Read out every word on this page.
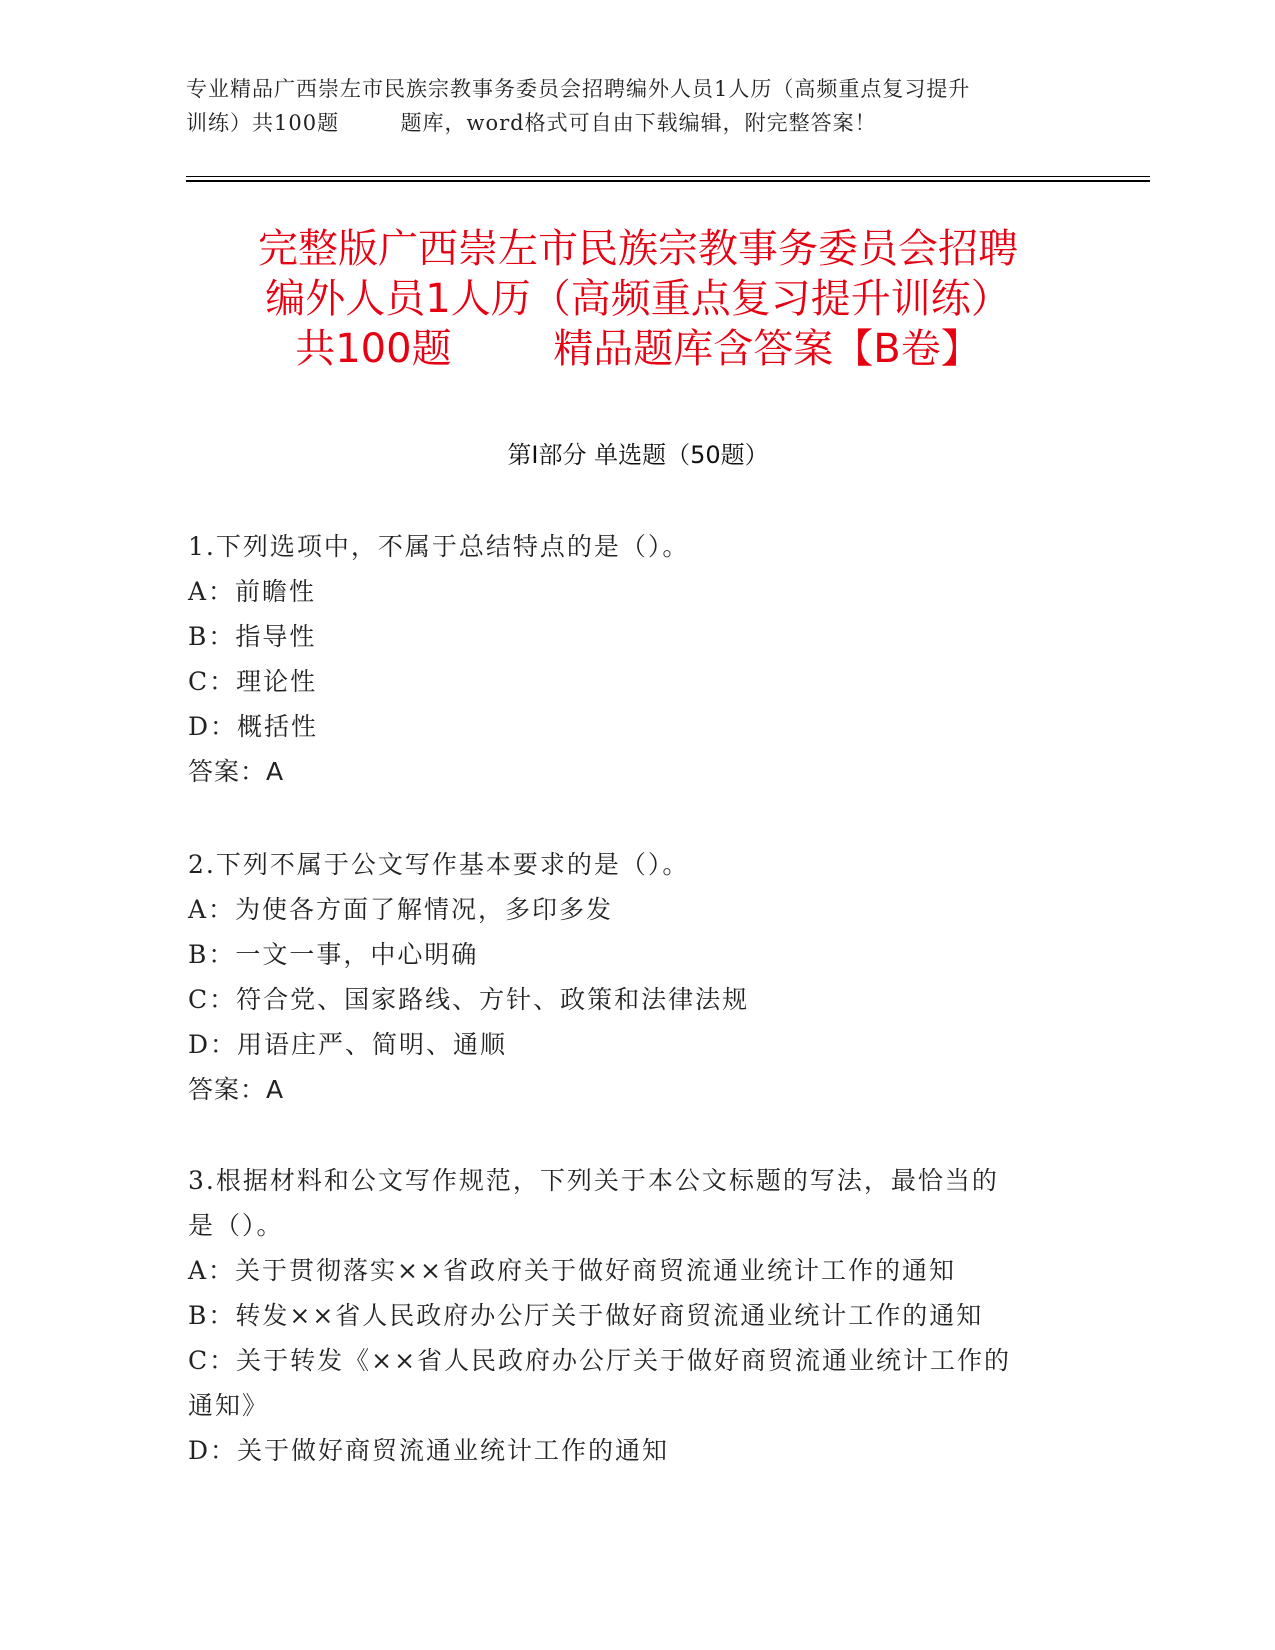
专业精品广西崇左市民族宗教事务委员会招聘编外人员1人历（高频重点复习提升
训练）共100题        题库，word格式可自由下载编辑，附完整答案！
完整版广西崇左市民族宗教事务委员会招聘
编外人员1人历（高频重点复习提升训练）
共100题        精品题库含答案【B卷】
第Ⅰ部分 单选题（50题）
1.下列选项中，不属于总结特点的是（）。
A：前瞻性
B：指导性
C：理论性
D：概括性
答案：A
2.下列不属于公文写作基本要求的是（）。
A：为使各方面了解情况，多印多发
B：一文一事，中心明确
C：符合党、国家路线、方针、政策和法律法规
D：用语庄严、简明、通顺
答案：A
3.根据材料和公文写作规范，下列关于本公文标题的写法，最恰当的
是（）。
A：关于贯彻落实××省政府关于做好商贸流通业统计工作的通知
B：转发××省人民政府办公厅关于做好商贸流通业统计工作的通知
C：关于转发《××省人民政府办公厅关于做好商贸流通业统计工作的
通知》
D：关于做好商贸流通业统计工作的通知
